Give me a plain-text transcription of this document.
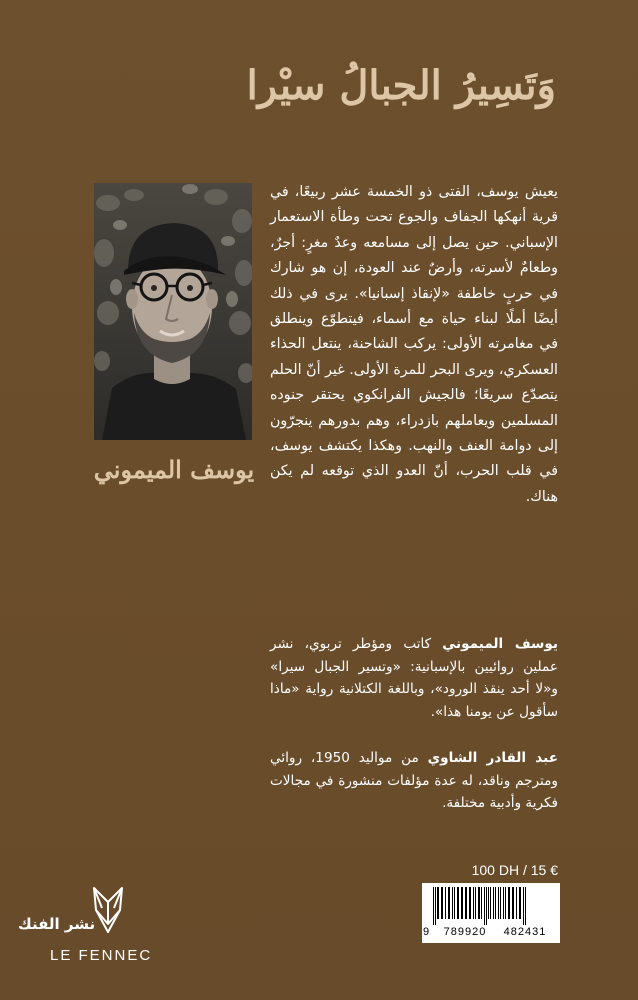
وَتَسِيرُ الجبالُ سيْرا
يوسف الميموني
يعيش يوسف، الفتى ذو الخمسة عشر ربيعًا، في قرية أنهكها الجفاف والجوع تحت وطأة الاستعمار الإسباني. حين يصل إلى مسامعه وعدٌ مغرٍ: أجرٌ، وطعامٌ لأسرته، وأرضٌ عند العودة، إن هو شارك في حربٍ خاطفة «لإنقاذ إسبانيا». يرى في ذلك أيضًا أملًا لبناء حياة مع أسماء، فيتطوّع وينطلق في مغامرته الأولى: يركب الشاحنة، ينتعل الحذاء العسكري، ويرى البحر للمرة الأولى. غير أنّ الحلم يتصدّع سريعًا؛ فالجيش الفرانكوي يحتقر جنوده المسلمين ويعاملهم بازدراء، وهم بدورهم ينجرّون إلى دوامة العنف والنهب. وهكذا يكتشف يوسف، في قلب الحرب، أنّ العدو الذي توقعه لم يكن هناك.
يوسف الميموني كاتب ومؤطر تربوي، نشر عملين روائيين بالإسبانية: «وتسير الجبال سيرا» و«لا أحد ينقذ الورود»، وباللغة الكتلانية رواية «ماذا سأقول عن يومنا هذا».
عبد القادر الشاوي من مواليد 1950، روائي ومترجم وناقد، له عدة مؤلفات منشورة في مجالات فكرية وأدبية مختلفة.
100 DH / 15 €
9	789920	482431
نشر الفنك
LE FENNEC
